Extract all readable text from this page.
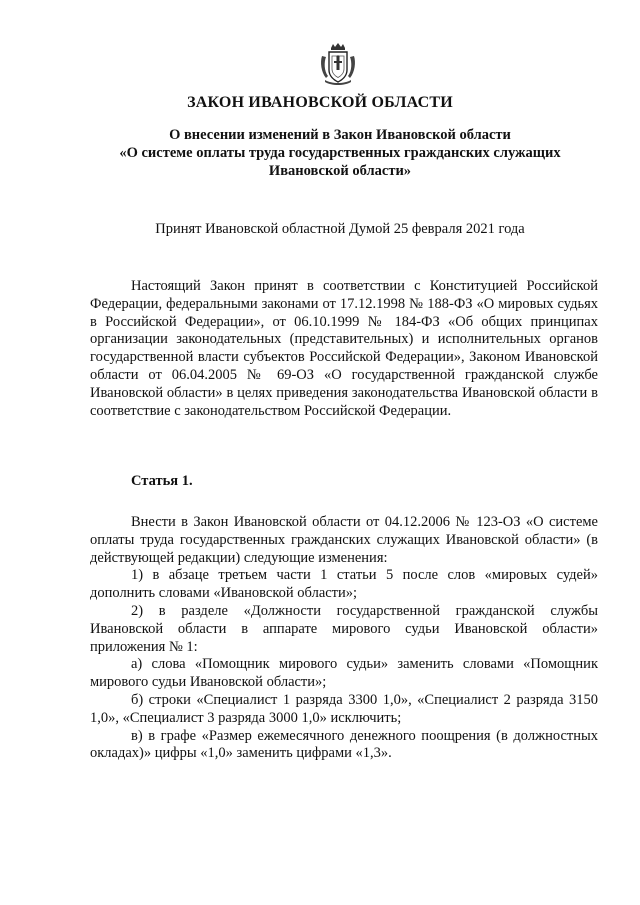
ЗАКОН ИВАНОВСКОЙ ОБЛАСТИ
О внесении изменений в Закон Ивановской области
«О системе оплаты труда государственных гражданских служащих
Ивановской области»
Принят Ивановской областной Думой 25 февраля 2021 года

Настоящий Закон принят в соответствии с Конституцией Российской Федерации, федеральными законами от 17.12.1998 № 188-ФЗ «О мировых судьях в Российской Федерации», от 06.10.1999 № 184-ФЗ «Об общих принципах организации законодательных (представительных) и исполнительных органов государственной власти субъектов Российской Федерации», Законом Ивановской области от 06.04.2005 № 69-ОЗ «О государственной гражданской службе Ивановской области» в целях приведения законодательства Ивановской области в соответствие с законодательством Российской Федерации.

Статья 1.

Внести в Закон Ивановской области от 04.12.2006 № 123-ОЗ «О системе оплаты труда государственных гражданских служащих Ивановской области» (в действующей редакции) следующие изменения:

1) в абзаце третьем части 1 статьи 5 после слов «мировых судей» дополнить словами «Ивановской области»;

2) в разделе «Должности государственной гражданской службы Ивановской области в аппарате мирового судьи Ивановской области» приложения № 1:

а) слова «Помощник мирового судьи» заменить словами «Помощник мирового судьи Ивановской области»;

б) строки «Специалист 1 разряда 3300 1,0», «Специалист 2 разряда 3150 1,0», «Специалист 3 разряда 3000 1,0» исключить;

в) в графе «Размер ежемесячного денежного поощрения (в должностных окладах)» цифры «1,0» заменить цифрами «1,3».
